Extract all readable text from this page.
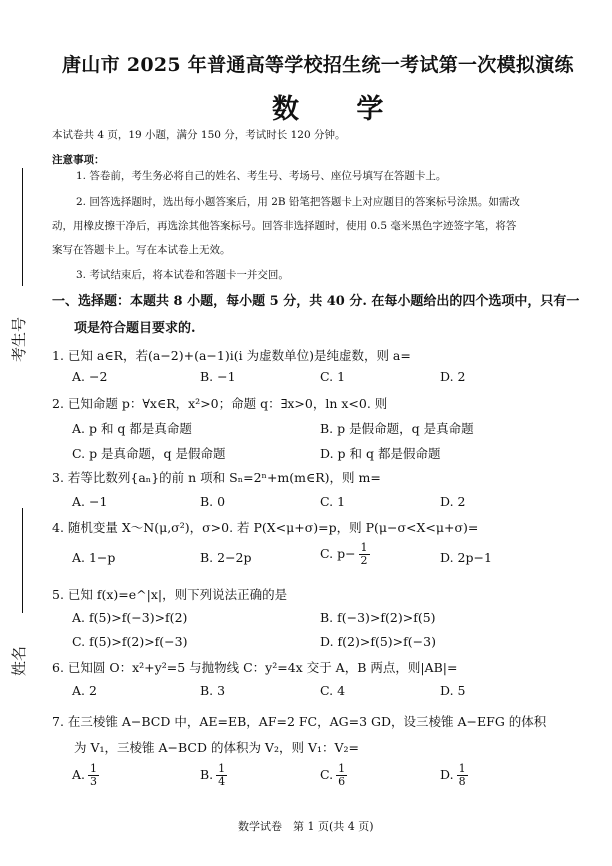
考生号
姓名
唐山市 2025 年普通高等学校招生统一考试第一次模拟演练
数 学
本试卷共 4 页，19 小题，满分 150 分，考试时长 120 分钟。
注意事项：
1. 答卷前，考生务必将自己的姓名、考生号、考场号、座位号填写在答题卡上。
2. 回答选择题时，选出每小题答案后，用 2B 铅笔把答题卡上对应题目的答案标号涂黑。如需改
动，用橡皮擦干净后，再选涂其他答案标号。回答非选择题时，使用 0.5 毫米黑色字迹签字笔，将答
案写在答题卡上。写在本试卷上无效。
3. 考试结束后，将本试卷和答题卡一并交回。
一、选择题：本题共 8 小题，每小题 5 分，共 40 分. 在每小题给出的四个选项中，只有一
项是符合题目要求的.
1. 已知 a∈R，若(a−2)+(a−1)i(i 为虚数单位)是纯虚数，则 a=
A. −2	B. −1	C. 1	D. 2
2. 已知命题 p：∀x∈R，x²>0；命题 q：∃x>0，ln x<0. 则
A. p 和 q 都是真命题	B. p 是假命题，q 是真命题
C. p 是真命题，q 是假命题	D. p 和 q 都是假命题
3. 若等比数列{aₙ}的前 n 项和 Sₙ=2ⁿ+m(m∈R)，则 m=
A. −1	B. 0	C. 1	D. 2
4. 随机变量 X～N(μ,σ²)，σ>0. 若 P(X<μ+σ)=p，则 P(μ−σ<X<μ+σ)=
A. 1−p	B. 2−2p	C. $p- \frac{1}{2}$	D. 2p−1
5. 已知 f(x)=e^|x|，则下列说法正确的是
A. f(5)>f(−3)>f(2)	B. f(−3)>f(2)>f(5)
C. f(5)>f(2)>f(−3)	D. f(2)>f(5)>f(−3)
6. 已知圆 O：x²+y²=5 与抛物线 C：y²=4x 交于 A，B 两点，则|AB|=
A. 2	B. 3	C. 4	D. 5
7. 在三棱锥 A−BCD 中，AE=EB，AF=2 FC，AG=3 GD，设三棱锥 A−EFG 的体积
为 V₁，三棱锥 A−BCD 的体积为 V₂，则 V₁：V₂=
A. $\frac{1}{3}$	B. $\frac{1}{4}$	C. $\frac{1}{6}$	D. $\frac{1}{8}$
数学试卷　第 1 页(共 4 页)
